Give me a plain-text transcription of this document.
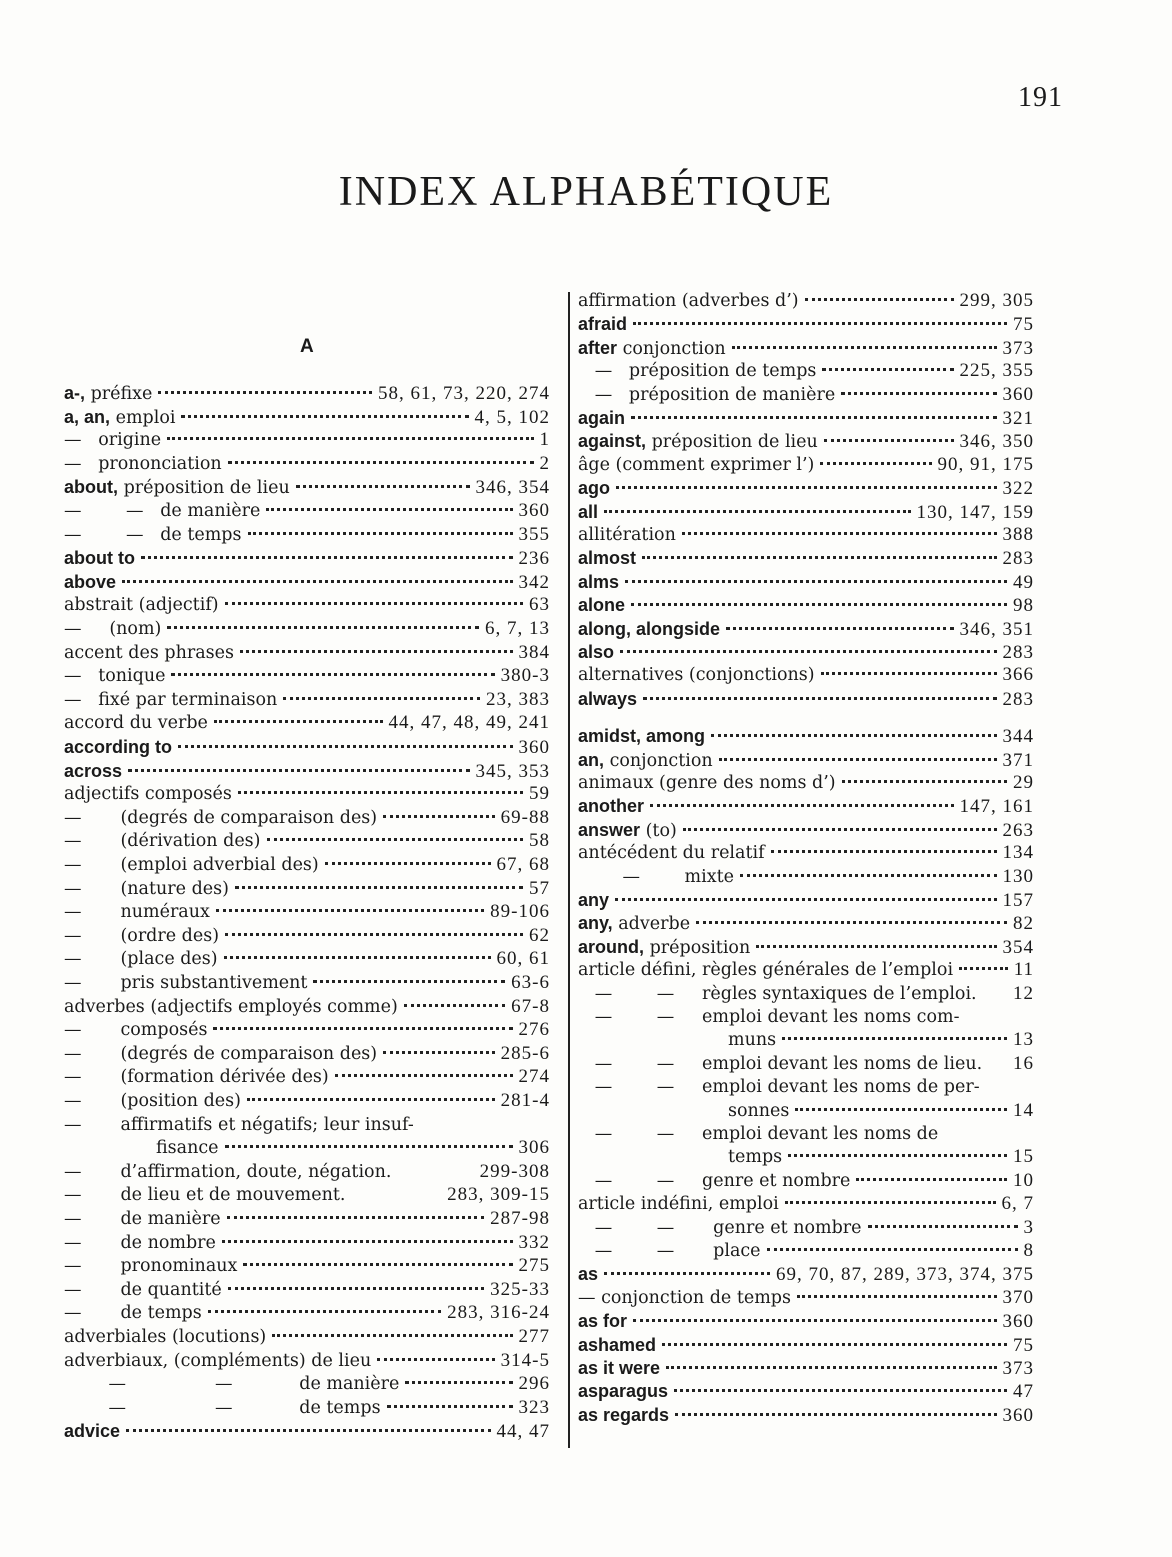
191
INDEX ALPHABÉTIQUE
A
a-, préfixe	58, 61, 73, 220, 274
a, an, emploi	4, 5, 102
—   origine	1
—   prononciation	2
about, préposition de lieu	346, 354
—        —   de manière	360
—        —   de temps	355
about to	236
above	342
abstrait (adjectif)	63
—     (nom)	6, 7, 13
accent des phrases	384
—   tonique	380-3
—   fixé par terminaison	23, 383
accord du verbe	44, 47, 48, 49, 241
according to	360
across	345, 353
adjectifs composés	59
—       (degrés de comparaison des)	69-88
—       (dérivation des)	58
—       (emploi adverbial des)	67, 68
—       (nature des)	57
—       numéraux	89-106
—       (ordre des)	62
—       (place des)	60, 61
—       pris substantivement	63-6
adverbes (adjectifs employés comme)	67-8
—       composés	276
—       (degrés de comparaison des)	285-6
—       (formation dérivée des)	274
—       (position des)	281-4
—       affirmatifs et négatifs; leur insuf-
fisance	306
—       d’affirmation, doute, négation.	299-308
—       de lieu et de mouvement.	283, 309-15
—       de manière	287-98
—       de nombre	332
—       pronominaux	275
—       de quantité	325-33
—       de temps	283, 316-24
adverbiales (locutions)	277
adverbiaux, (compléments) de lieu	314-5
—                —            de manière	296
—                —            de temps	323
advice	44, 47
affirmation (adverbes d’)	299, 305
afraid	75
after conjonction	373
—   préposition de temps	225, 355
—   préposition de manière	360
again	321
against, préposition de lieu	346, 350
âge (comment exprimer l’)	90, 91, 175
ago	322
all	130, 147, 159
allitération	388
almost	283
alms	49
alone	98
along, alongside	346, 351
also	283
alternatives (conjonctions)	366
always	283
amidst, among	344
an, conjonction	371
animaux (genre des noms d’)	29
another	147, 161
answer (to)	263
antécédent du relatif	134
—        mixte	130
any	157
any, adverbe	82
around, préposition	354
article défini, règles générales de l’emploi	11
—        —     règles syntaxiques de l’emploi. 12
—        —     emploi devant les noms com-
muns	13
—        —     emploi devant les noms de lieu. 16
—        —     emploi devant les noms de per-
sonnes	14
—        —     emploi devant les noms de
temps	15
—        —     genre et nombre	10
article indéfini, emploi	6, 7
—        —       genre et nombre	3
—        —       place	8
as	69, 70, 87, 289, 373, 374, 375
— conjonction de temps	370
as for	360
ashamed	75
as it were	373
asparagus	47
as regards	360
